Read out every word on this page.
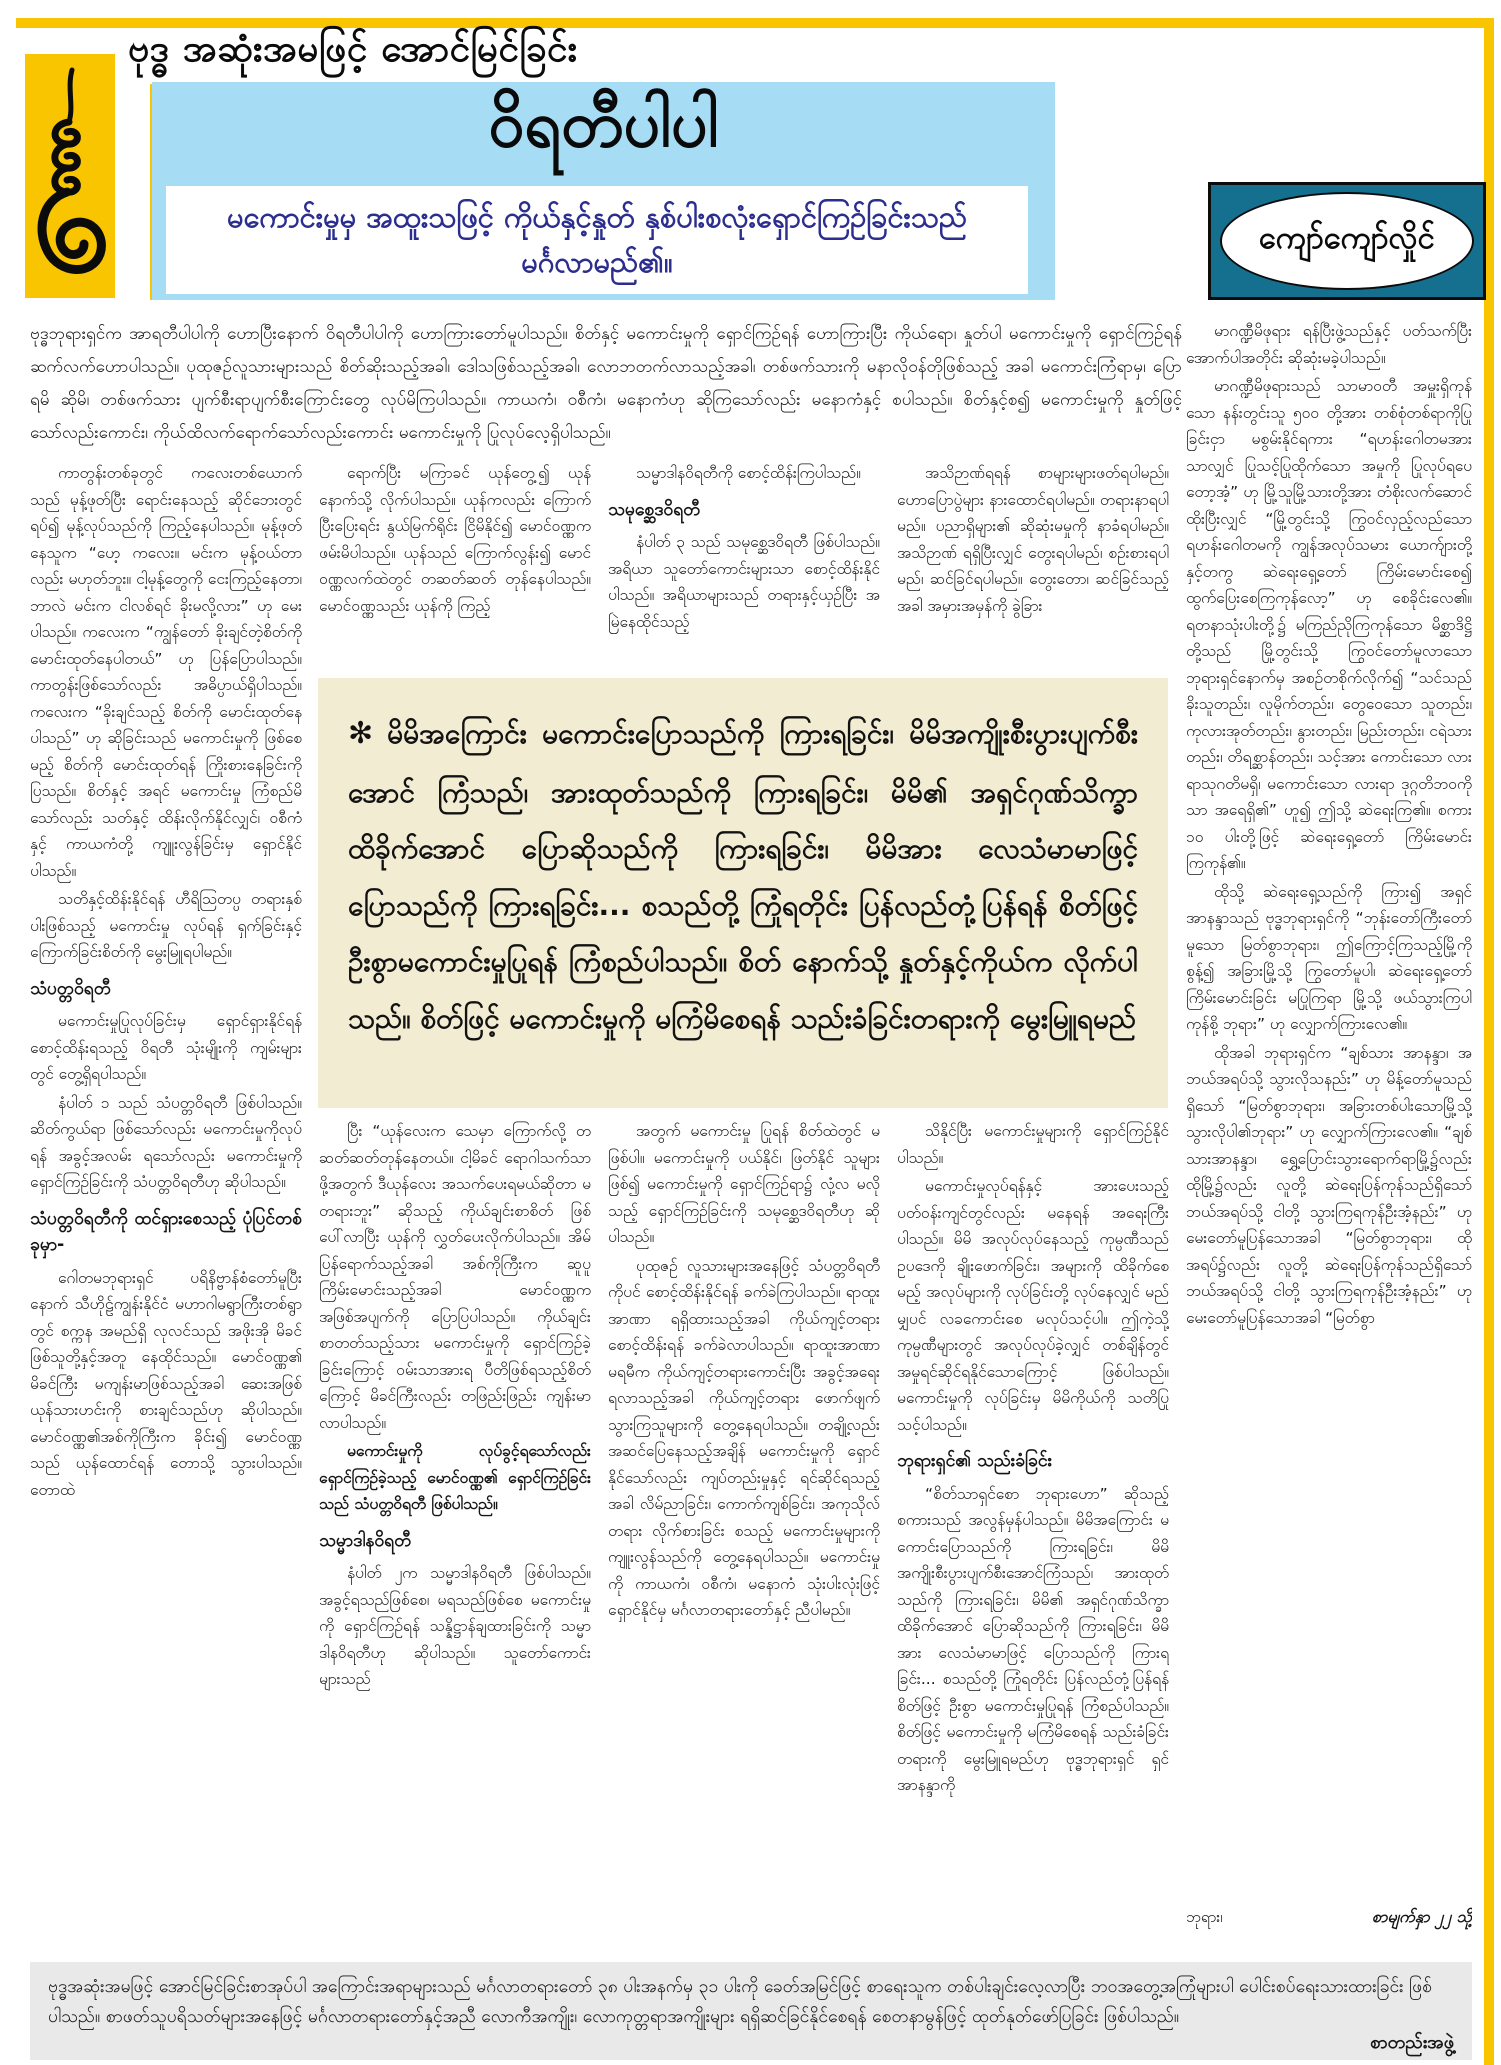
ဗုဒ္ဓ အဆုံးအမဖြင့် အောင်မြင်ခြင်း
ဝိရတီပါပါ
မကောင်းမှုမှ အထူးသဖြင့် ကိုယ်နှင့်နှုတ် နှစ်ပါးစလုံးရှောင်ကြဉ်ခြင်းသည်
မင်္ဂလာမည်၏။
ကျော်ကျော်လှိုင်
ဗုဒ္ဓဘုရားရှင်က အာရတီပါပါကို ဟောပြီးနောက် ဝိရတီပါပါကို ဟောကြားတော်မူပါသည်။ စိတ်နှင့် မကောင်းမှုကို ရှောင်ကြဉ်ရန် ဟောကြားပြီး ကိုယ်ရော၊ နှုတ်ပါ မကောင်းမှုကို ရှောင်ကြဉ်ရန် ဆက်လက်ဟောပါသည်။ ပုထုဇဉ်လူသားများသည် စိတ်ဆိုးသည့်အခါ၊ ဒေါသဖြစ်သည့်အခါ၊ လောဘတက်လာသည့်အခါ၊ တစ်ဖက်သားကို မနာလိုဝန်တိုဖြစ်သည့် အခါ မကောင်းကြံရာမှ၊ ပြောရမိ ဆိုမိ၊ တစ်ဖက်သား ပျက်စီးရာပျက်စီးကြောင်းတွေ လုပ်မိကြပါသည်။ ကာယကံ၊ ဝစီကံ၊ မနောကံဟု ဆိုကြသော်လည်း မနောကံနှင့် စပါသည်။ စိတ်နှင့်စ၍ မကောင်းမှုကို နှုတ်ဖြင့်သော်လည်းကောင်း၊ ကိုယ်ထိလက်ရောက်သော်လည်းကောင်း မကောင်းမှုကို ပြုလုပ်လေ့ရှိပါသည်။

ကာတွန်းတစ်ခုတွင် ကလေးတစ်ယောက်သည် မုန့်ဖုတ်ပြီး ရောင်းနေသည့် ဆိုင်ဘေးတွင် ရပ်၍ မုန့်လုပ်သည်ကို ကြည့်နေပါသည်။ မုန့်ဖုတ်နေသူက “ဟေ့ ကလေး။ မင်းက မုန့်ဝယ်တာလည်း မဟုတ်ဘူး။ ငါ့မုန့်တွေကို ငေးကြည့်နေတာ၊ ဘာလဲ မင်းက ငါလစ်ရင် ခိုးမလို့လား” ဟု မေးပါသည်။ ကလေးက “ကျွန်တော် ခိုးချင်တဲ့စိတ်ကို မောင်းထုတ်နေပါတယ်” ဟု ပြန်ပြောပါသည်။ ကာတွန်းဖြစ်သော်လည်း အဓိပ္ပာယ်ရှိပါသည်။ ကလေးက “ခိုးချင်သည့် စိတ်ကို မောင်းထုတ်နေပါသည်” ဟု ဆိုခြင်းသည် မကောင်းမှုကို ဖြစ်စေမည့် စိတ်ကို မောင်းထုတ်ရန် ကြိုးစားနေခြင်းကို ပြသည်။ စိတ်နှင့် အရင် မကောင်းမှု ကြံစည်မိသော်လည်း သတ်နှင့် ထိန်းလိုက်နိုင်လျှင်၊ ဝစီကံနှင့် ကာယကံတို့ ကျူးလွန်ခြင်းမှ ရှောင်နိုင်ပါသည်။

သတိနှင့်ထိန်းနိုင်ရန် ဟီရိသြတပ္ပ တရားနှစ်ပါးဖြစ်သည့် မကောင်းမှု လုပ်ရန် ရှက်ခြင်းနှင့် ကြောက်ခြင်းစိတ်ကို မွေးမြူရပါမည်။

သံပတ္တဝိရတီ

မကောင်းမှုပြုလုပ်ခြင်းမှ ရှောင်ရှားနိုင်ရန် စောင့်ထိန်းရသည့် ဝိရတီ သုံးမျိုးကို ကျမ်းများတွင် တွေ့ရှိရပါသည်။

နံပါတ် ၁ သည် သံပတ္တဝိရတီ ဖြစ်ပါသည်။ ဆိတ်ကွယ်ရာ ဖြစ်သော်လည်း မကောင်းမှုကိုလုပ်ရန် အခွင့်အလမ်း ရသော်လည်း မကောင်းမှုကို ရှောင်ကြဉ်ခြင်းကို သံပတ္တဝိရတီဟု ဆိုပါသည်။

သံပတ္တဝိရတီကို ထင်ရှားစေသည့် ပုံပြင်တစ်ခုမှာ-

ဂေါတမဘုရားရှင် ပရိနိဗ္ဗာန်စံတော်မူပြီးနောက် သီဟိုဠ်ကျွန်းနိုင်ငံ မဟာဂါမရွာကြီးတစ်ရွာတွင် စက္ကန အမည်ရှိ လုလင်သည် အဖိုးအို မိခင်ဖြစ်သူတို့နှင့်အတူ နေထိုင်သည်။ မောင်ဝဏ္ဏ၏ မိခင်ကြီး မကျန်းမာဖြစ်သည့်အခါ ဆေးအဖြစ် ယုန်သားဟင်းကို စားချင်သည်ဟု ဆိုပါသည်။ မောင်ဝဏ္ဏ၏အစ်ကိုကြီးက ခိုင်း၍ မောင်ဝဏ္ဏသည် ယုန်ထောင်ရန် တောသို့ သွားပါသည်။ တောထဲ

ရောက်ပြီး မကြာခင် ယုန်တွေ့၍ ယုန်နောက်သို့ လိုက်ပါသည်။ ယုန်ကလည်း ကြောက်ပြီးပြေးရင်း နွယ်မြက်ရိုင်း ငြိမိနိုင်၍ မောင်ဝဏ္ဏက ဖမ်းမိပါသည်။ ယုန်သည် ကြောက်လွန်း၍ မောင်ဝဏ္ဏလက်ထဲတွင် တဆတ်ဆတ် တုန်နေပါသည်။ မောင်ဝဏ္ဏသည်း ယုန်ကို ကြည့်

သမ္မာဒါနဝိရတီကို စောင့်ထိန်းကြပါသည်။

သမုစ္ဆေဒဝိရတီ

နံပါတ် ၃ သည် သမုစ္ဆေဒဝိရတီ ဖြစ်ပါသည်။ အရိယာ သူတော်ကောင်းများသာ စောင့်ထိန်းနိုင်ပါသည်။ အရိယာများသည် တရားနှင့်ယှဉ်ပြီး အမြဲနေထိုင်သည့်

အသိဉာဏ်ရရန် စာများများဖတ်ရပါမည်။ ဟောပြောပွဲများ နားထောင်ရပါမည်။ တရားနာရပါမည်။ ပညာရှိများ၏ ဆိုဆုံးမမှုကို နာခံရပါမည်။ အသိဉာဏ် ရရှိပြီးလျှင် တွေးရပါမည်၊ စဉ်းစားရပါမည်၊ ဆင်ခြင်ရပါမည်။ တွေးတော၊ ဆင်ခြင်သည့်အခါ အမှားအမှန်ကို ခွဲခြား

✻ မိမိအကြောင်း မကောင်းပြောသည်ကို ကြားရခြင်း၊ မိမိအကျိုးစီးပွားပျက်စီးအောင် ကြံသည်၊ အားထုတ်သည်ကို ကြားရခြင်း၊ မိမိ၏ အရှင်ဂုဏ်သိက္ခာ ထိခိုက်အောင် ပြောဆိုသည်ကို ကြားရခြင်း၊ မိမိအား လေသံမာမာဖြင့် ပြောသည်ကို ကြားရခြင်း... စသည်တို့ ကြုံရတိုင်း ပြန်လည်တုံ့ပြန်ရန် စိတ်ဖြင့် ဦးစွာမကောင်းမှုပြုရန် ကြံစည်ပါသည်။ စိတ် နောက်သို့ နှုတ်နှင့်ကိုယ်က လိုက်ပါသည်။ စိတ်ဖြင့် မကောင်းမှုကို မကြံမိစေရန် သည်းခံခြင်းတရားကို မွေးမြူရမည်

ပြီး “ယုန်လေးက သေမှာ ကြောက်လို့ တဆတ်ဆတ်တုန်နေတယ်။ ငါ့မိခင် ရောဂါသက်သာဖို့အတွက် ဒီယုန်လေး အသက်ပေးရမယ်ဆိုတာ မတရားဘူး” ဆိုသည့် ကိုယ်ချင်းစာစိတ် ဖြစ်ပေါ်လာပြီး ယုန်ကို လွှတ်ပေးလိုက်ပါသည်။ အိမ်ပြန်ရောက်သည့်အခါ အစ်ကိုကြီးက ဆူပူကြိမ်းမောင်းသည့်အခါ မောင်ဝဏ္ဏက အဖြစ်အပျက်ကို ပြောပြပါသည်။ ကိုယ်ချင်းစာတတ်သည့်သား မကောင်းမှုကို ရှောင်ကြဉ်ခဲ့ခြင်းကြောင့် ဝမ်းသာအားရ ပီတိဖြစ်ရသည့်စိတ်ကြောင့် မိခင်ကြီးလည်း တဖြည်းဖြည်း ကျန်းမာလာပါသည်။

မကောင်းမှုကို လုပ်ခွင့်ရသော်လည်း ရှောင်ကြဉ်ခဲ့သည့် မောင်ဝဏ္ဏ၏ ရှောင်ကြဉ်ခြင်းသည် သံပတ္တဝိရတီ ဖြစ်ပါသည်။

သမ္မာဒါနဝိရတီ

နံပါတ် ၂က သမ္မာဒါနဝိရတီ ဖြစ်ပါသည်။ အခွင့်ရသည်ဖြစ်စေ၊ မရသည်ဖြစ်စေ မကောင်းမှုကို ရှောင်ကြဉ်ရန် သန္နိဋ္ဌာန်ချထားခြင်းကို သမ္မာဒါနဝိရတီဟု ဆိုပါသည်။ သူတော်ကောင်းများသည်

အတွက် မကောင်းမှု ပြုရန် စိတ်ထဲတွင် မဖြစ်ပါ။ မကောင်းမှုကို ပယ်နိုင်၊ ဖြတ်နိုင် သူများဖြစ်၍ မကောင်းမှုကို ရှောင်ကြဉ်ရာ၌ လုံ့လ မလိုသည့် ရှောင်ကြဉ်ခြင်းကို သမုစ္ဆေဒဝိရတီဟု ဆိုပါသည်။

ပုထုဇဉ် လူသားများအနေဖြင့် သံပတ္တဝိရတီကိုပင် စောင့်ထိန်းနိုင်ရန် ခက်ခဲကြပါသည်။ ရာထူးအာဏာ ရရှိထားသည့်အခါ ကိုယ်ကျင့်တရား စောင့်ထိန်းရန် ခက်ခဲလာပါသည်။ ရာထူးအာဏာ မရမီက ကိုယ်ကျင့်တရားကောင်းပြီး အခွင့်အရေး ရလာသည့်အခါ ကိုယ်ကျင့်တရား ဖောက်ဖျက်သွားကြသူများကို တွေ့နေရပါသည်။ တချို့လည်း အဆင်ပြေနေသည့်အချိန် မကောင်းမှုကို ရှောင်နိုင်သော်လည်း ကျပ်တည်းမှုနှင့် ရင်ဆိုင်ရသည့်အခါ လိမ်ညာခြင်း၊ ကောက်ကျစ်ခြင်း၊ အကုသိုလ်တရား လိုက်စားခြင်း စသည့် မကောင်းမှုများကို ကျူးလွန်သည်ကို တွေ့နေရပါသည်။ မကောင်းမှုကို ကာယကံ၊ ဝစီကံ၊ မနောကံ သုံးပါးလုံးဖြင့် ရှောင်နိုင်မှ မင်္ဂလာတရားတော်နှင့် ညီပါမည်။

သိနိုင်ပြီး မကောင်းမှုများကို ရှောင်ကြဉ်နိုင်ပါသည်။

မကောင်းမှုလုပ်ရန်နှင့် အားပေးသည့် ပတ်ဝန်းကျင်တွင်လည်း မနေရန် အရေးကြီးပါသည်။ မိမိ အလုပ်လုပ်နေသည့် ကုမ္ပဏီသည် ဥပဒေကို ချိုးဖောက်ခြင်း၊ အများကို ထိခိုက်စေမည့် အလုပ်များကို လုပ်ခြင်းတို့ လုပ်နေလျှင် မည်မျှပင် လခကောင်းစေ မလုပ်သင့်ပါ။ ဤကဲ့သို့ ကုမ္ပဏီများတွင် အလုပ်လုပ်ခဲ့လျှင် တစ်ချိန်တွင် အမှုရင်ဆိုင်ရနိုင်သောကြောင့် ဖြစ်ပါသည်။ မကောင်းမှုကို လုပ်ခြင်းမှ မိမိကိုယ်ကို သတိပြုသင့်ပါသည်။

ဘုရားရှင်၏ သည်းခံခြင်း

“စိတ်သာရှင်စော ဘုရားဟော” ဆိုသည့်စကားသည် အလွန်မှန်ပါသည်။ မိမိအကြောင်း မကောင်းပြောသည်ကို ကြားရခြင်း၊ မိမိအကျိုးစီးပွားပျက်စီးအောင်ကြံသည်၊ အားထုတ်သည်ကို ကြားရခြင်း၊ မိမိ၏ အရှင်ဂုဏ်သိက္ခာ ထိခိုက်အောင် ပြောဆိုသည်ကို ကြားရခြင်း၊ မိမိအား လေသံမာမာဖြင့် ပြောသည်ကို ကြားရခြင်း... စသည်တို့ ကြုံရတိုင်း ပြန်လည်တုံ့ပြန်ရန် စိတ်ဖြင့် ဦးစွာ မကောင်းမှုပြုရန် ကြံစည်ပါသည်။ စိတ်ဖြင့် မကောင်းမှုကို မကြံမိစေရန် သည်းခံခြင်းတရားကို မွေးမြူရမည်ဟု ဗုဒ္ဓဘုရားရှင် ရှင်အာနန္ဒာကို

မာဂဏ္ဍီမိဖုရား ရန်ပြီးဖွဲ့သည်နှင့် ပတ်သက်ပြီး အောက်ပါအတိုင်း ဆိုဆုံးမခဲ့ပါသည်။

မာဂဏ္ဍီမိဖုရားသည် သာမာဝတီ အမှူးရှိကုန်သော နန်းတွင်းသူ ၅၀၀ တို့အား တစ်စုံတစ်ရာကိုပြုခြင်းငှာ မစွမ်းနိုင်ရကား “ရဟန်းဂေါတမအားသာလျှင် ပြုသင့်ပြုထိုက်သော အမှုကို ပြုလုပ်ရပေတော့အံ့” ဟု မြို့သူမြို့သားတို့အား တံစိုးလက်ဆောင်ထိုးပြီးလျှင် “မြို့တွင်းသို့ ကြွဝင်လှည့်လည်သော ရဟန်းဂေါတမကို ကျွန်အလုပ်သမား ယောက်ျားတို့နှင့်တကွ ဆဲရေးရှေ့တော် ကြိမ်းမောင်းစေ၍ ထွက်ပြေးစေကြကုန်လော့” ဟု စေခိုင်းလေ၏။ ရတနာသုံးပါးတို့၌ မကြည်ညိုကြကုန်သော မိစ္ဆာဒိဋ္ဌိတို့သည် မြို့တွင်းသို့ ကြွဝင်တော်မူလာသော ဘုရားရှင်နောက်မှ အစဉ်တစိုက်လိုက်၍ “သင်သည် ခိုးသူတည်း၊ လူမိုက်တည်း၊ တွေဝေသော သူတည်း၊ ကုလားအုတ်တည်း၊ နွားတည်း၊ မြည်းတည်း၊ ငရဲသားတည်း၊ တိရစ္ဆာန်တည်း၊ သင့်အား ကောင်းသော လားရာသုဂတိမရှိ၊ မကောင်းသော လားရာ ဒုဂ္ဂတိဘဝကိုသာ အရေရှိ၏” ဟူ၍ ဤသို့ ဆဲရေးကြ၏။ စကား ၁၀ ပါးတို့ဖြင့် ဆဲရေးရှေ့တော် ကြိမ်းမောင်းကြကုန်၏။

ထိုသို့ ဆဲရေးရှေ့သည်ကို ကြား၍ အရှင်အာနန္ဒာသည် ဗုဒ္ဓဘုရားရှင်ကို “ဘုန်းတော်ကြီးတော်မူသော မြတ်စွာဘုရား၊ ဤကြောင့်ကြသည့်မြို့ကို စွန့်၍ အခြားမြို့သို့ ကြွတော်မူပါ၊ ဆဲရေးရှေ့တော် ကြိမ်းမောင်းခြင်း မပြုကြရာ မြို့သို့ ဖယ်သွားကြပါကုန်စို့ ဘုရား” ဟု လျှောက်ကြားလေ၏။

ထိုအခါ ဘုရားရှင်က “ချစ်သား အာနန္ဒာ၊ အဘယ်အရပ်သို့ သွားလိုသနည်း” ဟု မိန့်တော်မူသည်ရှိသော် “မြတ်စွာဘုရား၊ အခြားတစ်ပါးသောမြို့သို့ သွားလိုပါ၏ဘုရား” ဟု လျှောက်ကြားလေ၏။ “ချစ်သားအာနန္ဒာ၊ ရွှေ့ပြောင်းသွားရောက်ရာမြို့၌လည်း ထိုမြို့၌လည်း လူတို့ ဆဲရေးပြန်ကုန်သည်ရှိသော် ဘယ်အရပ်သို့ ငါတို့ သွားကြရကုန်ဦးအံ့နည်း” ဟု မေးတော်မူပြန်သောအခါ “မြတ်စွာဘုရား၊ ထိုအရပ်၌လည်း လူတို့ ဆဲရေးပြန်ကုန်သည်ရှိသော် ဘယ်အရပ်သို့ ငါတို့ သွားကြရကုန်ဦးအံ့နည်း” ဟု မေးတော်မူပြန်သောအခါ “မြတ်စွာ

ဘုရား၊	စာမျက်နှာ ၂၂ သို့
ဗုဒ္ဓအဆုံးအမဖြင့် အောင်မြင်ခြင်းစာအုပ်ပါ အကြောင်းအရာများသည် မင်္ဂလာတရားတော် ၃၈ ပါးအနက်မှ ၃၁ ပါးကို ခေတ်အမြင်ဖြင့် စာရေးသူက တစ်ပါးချင်းလေ့လာပြီး ဘဝအတွေ့အကြုံများပါ ပေါင်းစပ်ရေးသားထားခြင်း ဖြစ်ပါသည်။ စာဖတ်သူပရိသတ်များအနေဖြင့် မင်္ဂလာတရားတော်နှင့်အညီ လောကီအကျိုး၊ လောကုတ္တရာအကျိုးများ ရရှိဆင်ခြင်နိုင်စေရန် စေတနာမွန်ဖြင့် ထုတ်နုတ်ဖော်ပြခြင်း ဖြစ်ပါသည်။
စာတည်းအဖွဲ့
